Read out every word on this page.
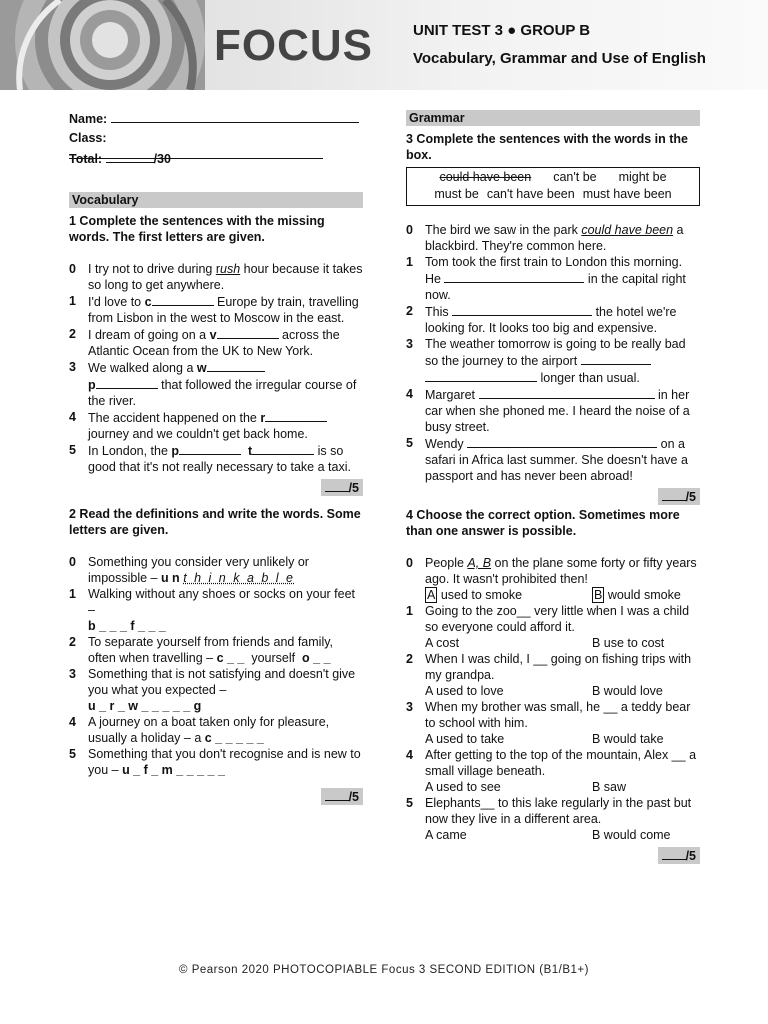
FOCUS	UNIT TEST 3 ● GROUP B
Vocabulary, Grammar and Use of English
Name:
Class:
Total:	/30
Vocabulary
1 Complete the sentences with the missing words. The first letters are given.
0 I try not to drive during rush hour because it takes so long to get anywhere.
1 I'd love to c	Europe by train, travelling from Lisbon in the west to Moscow in the east.
2 I dream of going on a v	across the Atlantic Ocean from the UK to New York.
3 We walked along a w
p	that followed the irregular course of the river.
4 The accident happened on the r journey and we couldn't get back home.
5 In London, the p	t	is so good that it's not really necessary to take a taxi.
/5
2 Read the definitions and write the words. Some letters are given.
0 Something you consider very unlikely or impossible – u n t h i n k a b l e
1 Walking without any shoes or socks on your feet –
b _ _ _ f _ _ _
2 To separate yourself from friends and family, often when travelling – c _ _  yourself  o _ _
3 Something that is not satisfying and doesn't give you what you expected –
u _ r _ w _ _ _ _ _ g
4 A journey on a boat taken only for pleasure, usually a holiday – a c _ _ _ _ _
5 Something that you don't recognise and is new to you – u _ f _ m _ _ _ _ _
/5
Grammar
3 Complete the sentences with the words in the box.
could have been can't be might be
must be can't have been must have been
0 The bird we saw in the park could have been a blackbird. They're common here.
1 Tom took the first train to London this morning. He	in the capital right now.
2 This	the hotel we're looking for. It looks too big and expensive.
3 The weather tomorrow is going to be really bad so the journey to the airport
longer than usual.
4 Margaret	in her car when she phoned me. I heard the noise of a busy street.
5 Wendy	on a safari in Africa last summer. She doesn't have a passport and has never been abroad!
/5
4 Choose the correct option. Sometimes more than one answer is possible.
0 People A, B on the plane some forty or fifty years ago. It wasn't prohibited then!
A used to smoke	B would smoke
1 Going to the zoo__ very little when I was a child so everyone could afford it.
A cost	B use to cost
2 When I was child, I __ going on fishing trips with my grandpa.
A used to love	B would love
3 When my brother was small, he __ a teddy bear to school with him.
A used to take	B would take
4 After getting to the top of the mountain, Alex __ a small village beneath.
A used to see	B saw
5 Elephants__ to this lake regularly in the past but now they live in a different area.
A came	B would come
/5
© Pearson 2020 PHOTOCOPIABLE Focus 3 SECOND EDITION (B1/B1+)
